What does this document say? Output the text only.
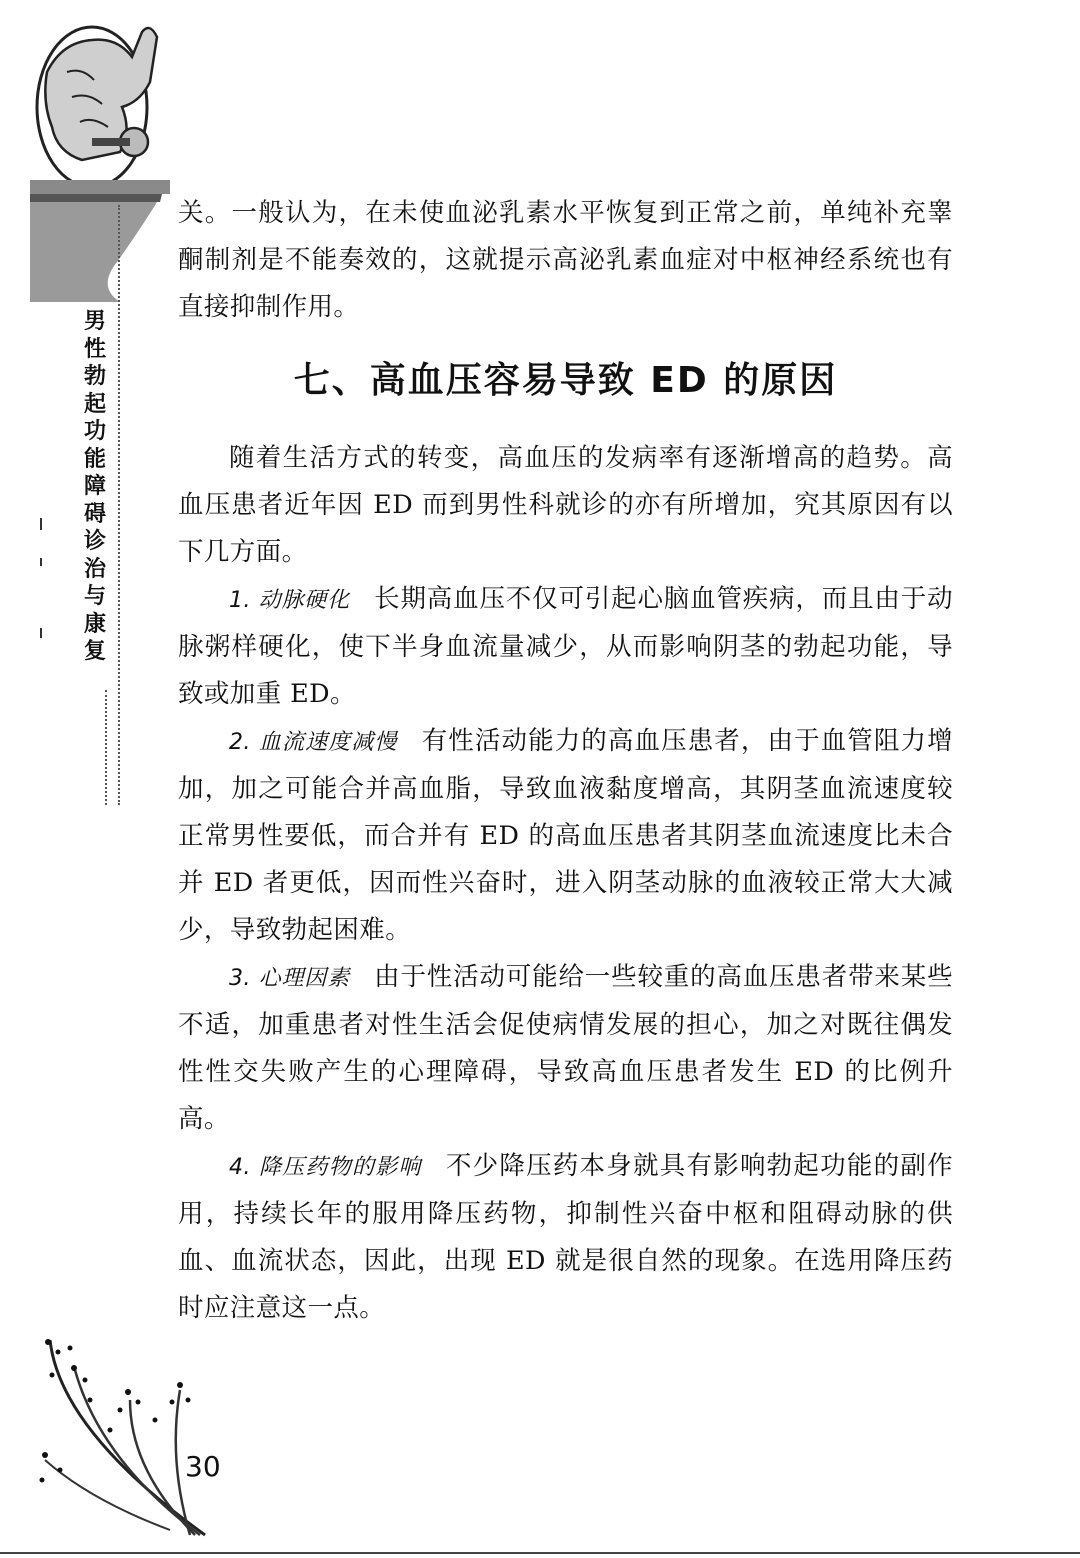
男性勃起功能障碍诊治与康复

关。一般认为，在未使血泌乳素水平恢复到正常之前，单纯补充睾酮制剂是不能奏效的，这就提示高泌乳素血症对中枢神经系统也有直接抑制作用。

七、高血压容易导致 ED 的原因

随着生活方式的转变，高血压的发病率有逐渐增高的趋势。高血压患者近年因 ED 而到男性科就诊的亦有所增加，究其原因有以下几方面。

1. 动脉硬化 长期高血压不仅可引起心脑血管疾病，而且由于动脉粥样硬化，使下半身血流量减少，从而影响阴茎的勃起功能，导致或加重 ED。

2. 血流速度减慢 有性活动能力的高血压患者，由于血管阻力增加，加之可能合并高血脂，导致血液黏度增高，其阴茎血流速度较正常男性要低，而合并有 ED 的高血压患者其阴茎血流速度比未合并 ED 者更低，因而性兴奋时，进入阴茎动脉的血液较正常大大减少，导致勃起困难。

3. 心理因素 由于性活动可能给一些较重的高血压患者带来某些不适，加重患者对性生活会促使病情发展的担心，加之对既往偶发性性交失败产生的心理障碍，导致高血压患者发生 ED 的比例升高。

4. 降压药物的影响 不少降压药本身就具有影响勃起功能的副作用，持续长年的服用降压药物，抑制性兴奋中枢和阻碍动脉的供血、血流状态，因此，出现 ED 就是很自然的现象。在选用降压药时应注意这一点。

30
